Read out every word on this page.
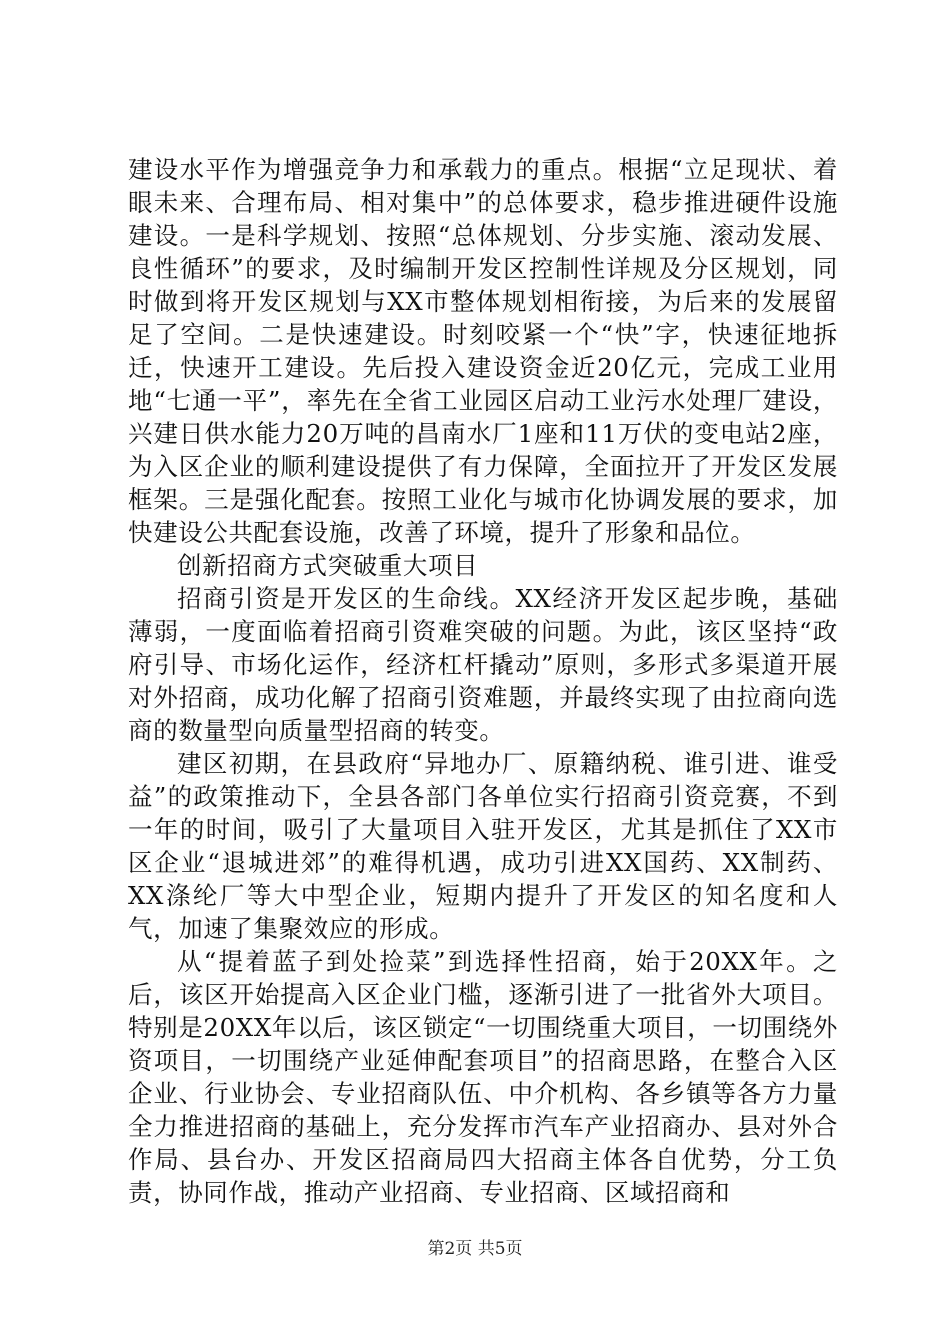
建设水平作为增强竞争力和承载力的重点。根据“立足现状、着眼未来、合理布局、相对集中”的总体要求，稳步推进硬件设施建设。一是科学规划、按照“总体规划、分步实施、滚动发展、良性循环”的要求，及时编制开发区控制性详规及分区规划，同时做到将开发区规划与XX市整体规划相衔接，为后来的发展留足了空间。二是快速建设。时刻咬紧一个“快”字，快速征地拆迁，快速开工建设。先后投入建设资金近20亿元，完成工业用地“七通一平”，率先在全省工业园区启动工业污水处理厂建设，兴建日供水能力20万吨的昌南水厂1座和11万伏的变电站2座，为入区企业的顺利建设提供了有力保障，全面拉开了开发区发展框架。三是强化配套。按照工业化与城市化协调发展的要求，加快建设公共配套设施，改善了环境，提升了形象和品位。

创新招商方式突破重大项目

招商引资是开发区的生命线。XX经济开发区起步晚，基础薄弱，一度面临着招商引资难突破的问题。为此，该区坚持“政府引导、市场化运作，经济杠杆撬动”原则，多形式多渠道开展对外招商，成功化解了招商引资难题，并最终实现了由拉商向选商的数量型向质量型招商的转变。

建区初期，在县政府“异地办厂、原籍纳税、谁引进、谁受益”的政策推动下，全县各部门各单位实行招商引资竞赛，不到一年的时间，吸引了大量项目入驻开发区，尤其是抓住了XX市区企业“退城进郊”的难得机遇，成功引进XX国药、XX制药、XX涤纶厂等大中型企业，短期内提升了开发区的知名度和人气，加速了集聚效应的形成。

从“提着蓝子到处捡菜”到选择性招商，始于20XX年。之后，该区开始提高入区企业门槛，逐渐引进了一批省外大项目。特别是20XX年以后，该区锁定“一切围绕重大项目，一切围绕外资项目，一切围绕产业延伸配套项目”的招商思路，在整合入区企业、行业协会、专业招商队伍、中介机构、各乡镇等各方力量全力推进招商的基础上，充分发挥市汽车产业招商办、县对外合作局、县台办、开发区招商局四大招商主体各自优势，分工负责，协同作战，推动产业招商、专业招商、区域招商和

第2页 共5页
